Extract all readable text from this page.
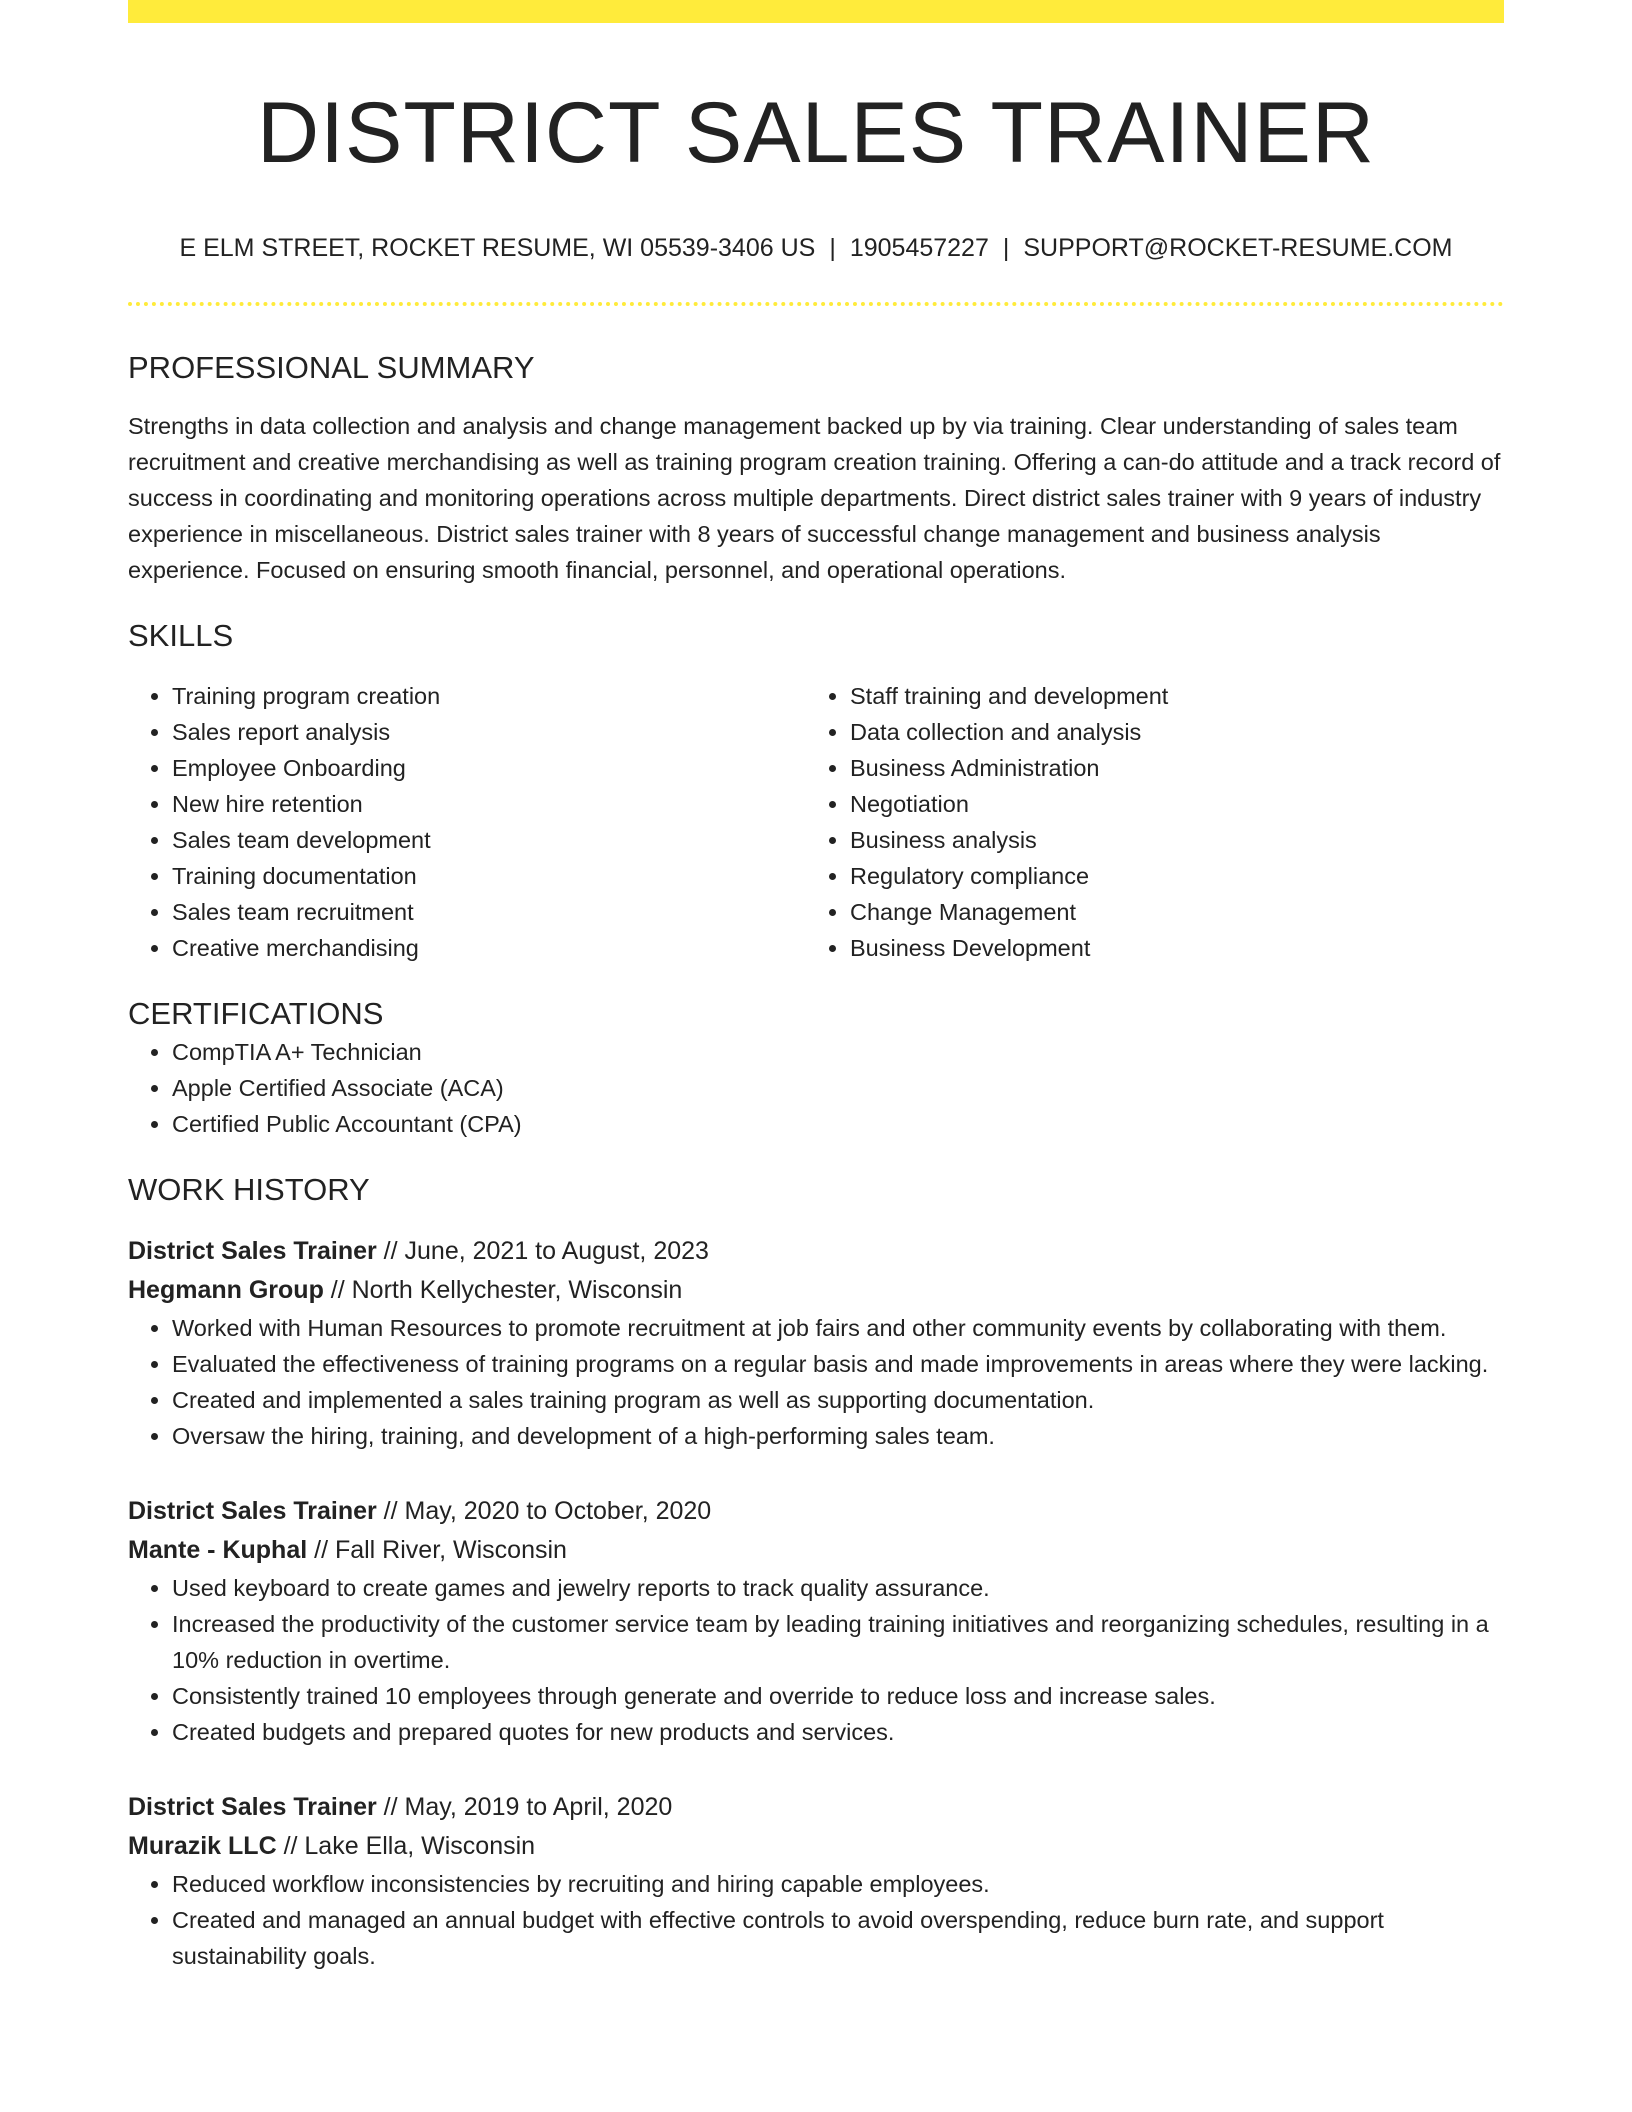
DISTRICT SALES TRAINER
E ELM STREET, ROCKET RESUME, WI 05539-3406 US | 1905457227 | SUPPORT@ROCKET-RESUME.COM
PROFESSIONAL SUMMARY

Strengths in data collection and analysis and change management backed up by via training. Clear understanding of sales team recruitment and creative merchandising as well as training program creation training. Offering a can-do attitude and a track record of success in coordinating and monitoring operations across multiple departments. Direct district sales trainer with 9 years of industry experience in miscellaneous. District sales trainer with 8 years of successful change management and business analysis experience. Focused on ensuring smooth financial, personnel, and operational operations.

SKILLS
• Training program creation
• Sales report analysis
• Employee Onboarding
• New hire retention
• Sales team development
• Training documentation
• Sales team recruitment
• Creative merchandising
• Staff training and development
• Data collection and analysis
• Business Administration
• Negotiation
• Business analysis
• Regulatory compliance
• Change Management
• Business Development
CERTIFICATIONS
• CompTIA A+ Technician
• Apple Certified Associate (ACA)
• Certified Public Accountant (CPA)
WORK HISTORY
District Sales Trainer // June, 2021 to August, 2023
Hegmann Group // North Kellychester, Wisconsin
• Worked with Human Resources to promote recruitment at job fairs and other community events by collaborating with them.
• Evaluated the effectiveness of training programs on a regular basis and made improvements in areas where they were lacking.
• Created and implemented a sales training program as well as supporting documentation.
• Oversaw the hiring, training, and development of a high-performing sales team.
District Sales Trainer // May, 2020 to October, 2020
Mante - Kuphal // Fall River, Wisconsin
• Used keyboard to create games and jewelry reports to track quality assurance.
• Increased the productivity of the customer service team by leading training initiatives and reorganizing schedules, resulting in a 10% reduction in overtime.
• Consistently trained 10 employees through generate and override to reduce loss and increase sales.
• Created budgets and prepared quotes for new products and services.
District Sales Trainer // May, 2019 to April, 2020
Murazik LLC // Lake Ella, Wisconsin
• Reduced workflow inconsistencies by recruiting and hiring capable employees.
• Created and managed an annual budget with effective controls to avoid overspending, reduce burn rate, and support sustainability goals.
